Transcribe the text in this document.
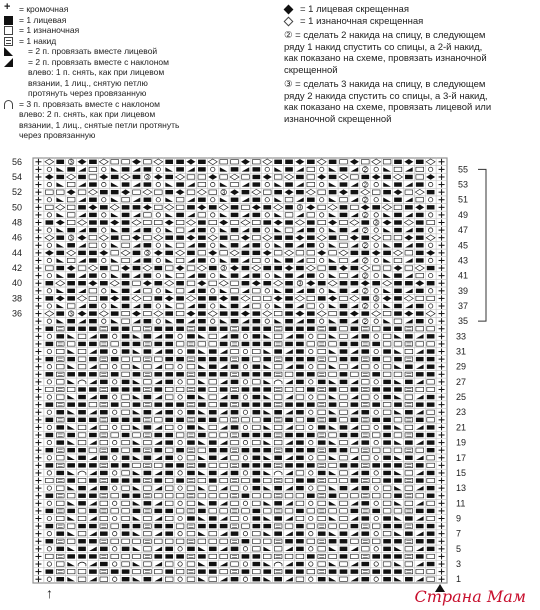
+
= кромочная
= 1 лицевая
= 1 изнаночная
= 1 накид
= 2 п. провязать вместе лицевой
= 2 п. провязать вместе с наклоном влево: 1 п. снять, как при лицевом вязании, 1 лиц., снятую петлю протянуть через провязанную
= 3 п. провязать вместе с наклоном влево: 2 п. снять, как при лицевом вязании, 1 лиц., снятые петли протянуть через провязанную
= 1 лицевая скрещенная
= 1 изнаночная скрещенная
② = сделать 2 накида на спицу, в следующем ряду 1 накид спустить со спицы, а 2-й накид, как показано на схеме, провязать изнаночной скрещенной
③ = сделать 3 накида на спицу, в следующем ряду 2 накида спустить со спицы, а 3-й накид, как показано на схеме, провязать лицевой или изнаночной скрещенной
3
2
3
2
3
2
3
2
3
2
3
2
3
2
3
2
3
2
3
2
3
2
56
54
52
50
48
46
44
42
40
38
36
55
53
51
49
47
45
43
41
39
37
35
33
31
29
27
25
23
21
19
17
15
13
11
9
7
5
3
1
↑	Страна Мам
